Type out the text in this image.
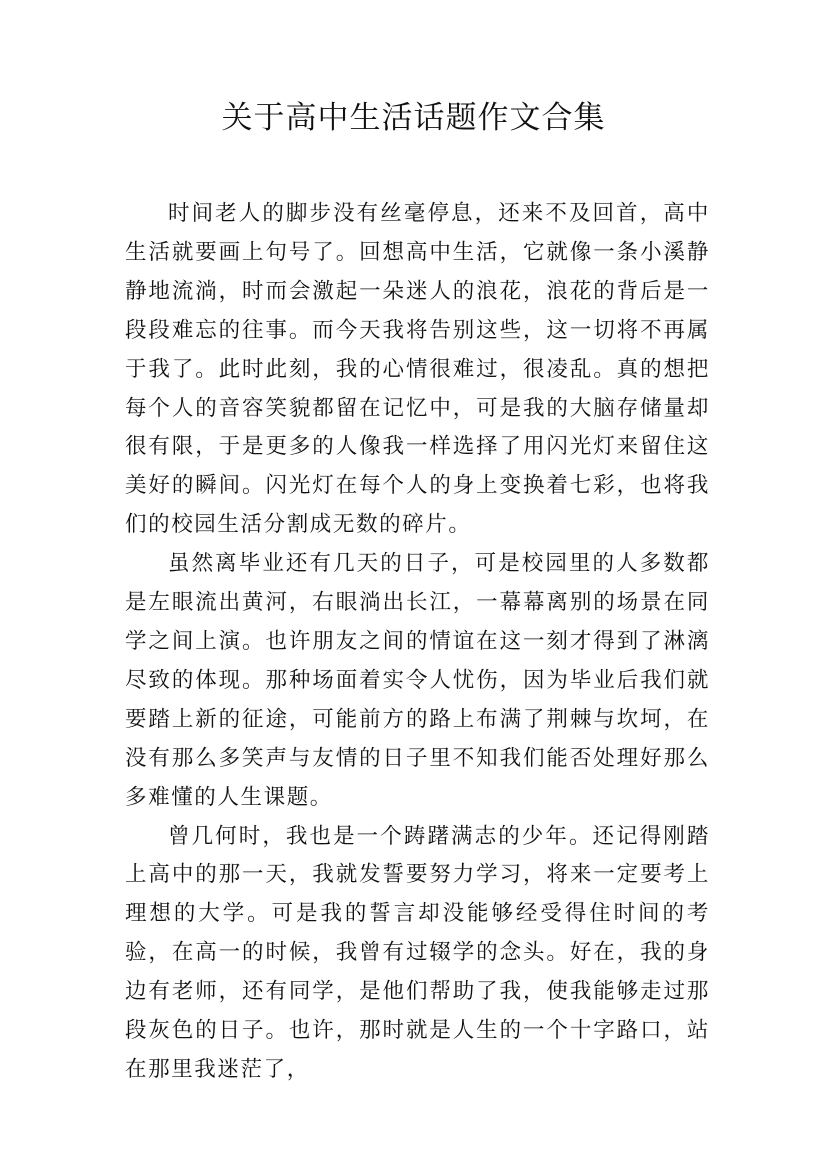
关于高中生活话题作文合集

时间老人的脚步没有丝毫停息，还来不及回首，高中生活就要画上句号了。回想高中生活，它就像一条小溪静静地流淌，时而会激起一朵迷人的浪花，浪花的背后是一段段难忘的往事。而今天我将告别这些，这一切将不再属于我了。此时此刻，我的心情很难过，很凌乱。真的想把每个人的音容笑貌都留在记忆中，可是我的大脑存储量却很有限，于是更多的人像我一样选择了用闪光灯来留住这美好的瞬间。闪光灯在每个人的身上变换着七彩，也将我们的校园生活分割成无数的碎片。

虽然离毕业还有几天的日子，可是校园里的人多数都是左眼流出黄河，右眼淌出长江，一幕幕离别的场景在同学之间上演。也许朋友之间的情谊在这一刻才得到了淋漓尽致的体现。那种场面着实令人忧伤，因为毕业后我们就要踏上新的征途，可能前方的路上布满了荆棘与坎坷，在没有那么多笑声与友情的日子里不知我们能否处理好那么多难懂的人生课题。

曾几何时，我也是一个踌躇满志的少年。还记得刚踏上高中的那一天，我就发誓要努力学习，将来一定要考上理想的大学。可是我的誓言却没能够经受得住时间的考验，在高一的时候，我曾有过辍学的念头。好在，我的身边有老师，还有同学，是他们帮助了我，使我能够走过那段灰色的日子。也许，那时就是人生的一个十字路口，站在那里我迷茫了，
